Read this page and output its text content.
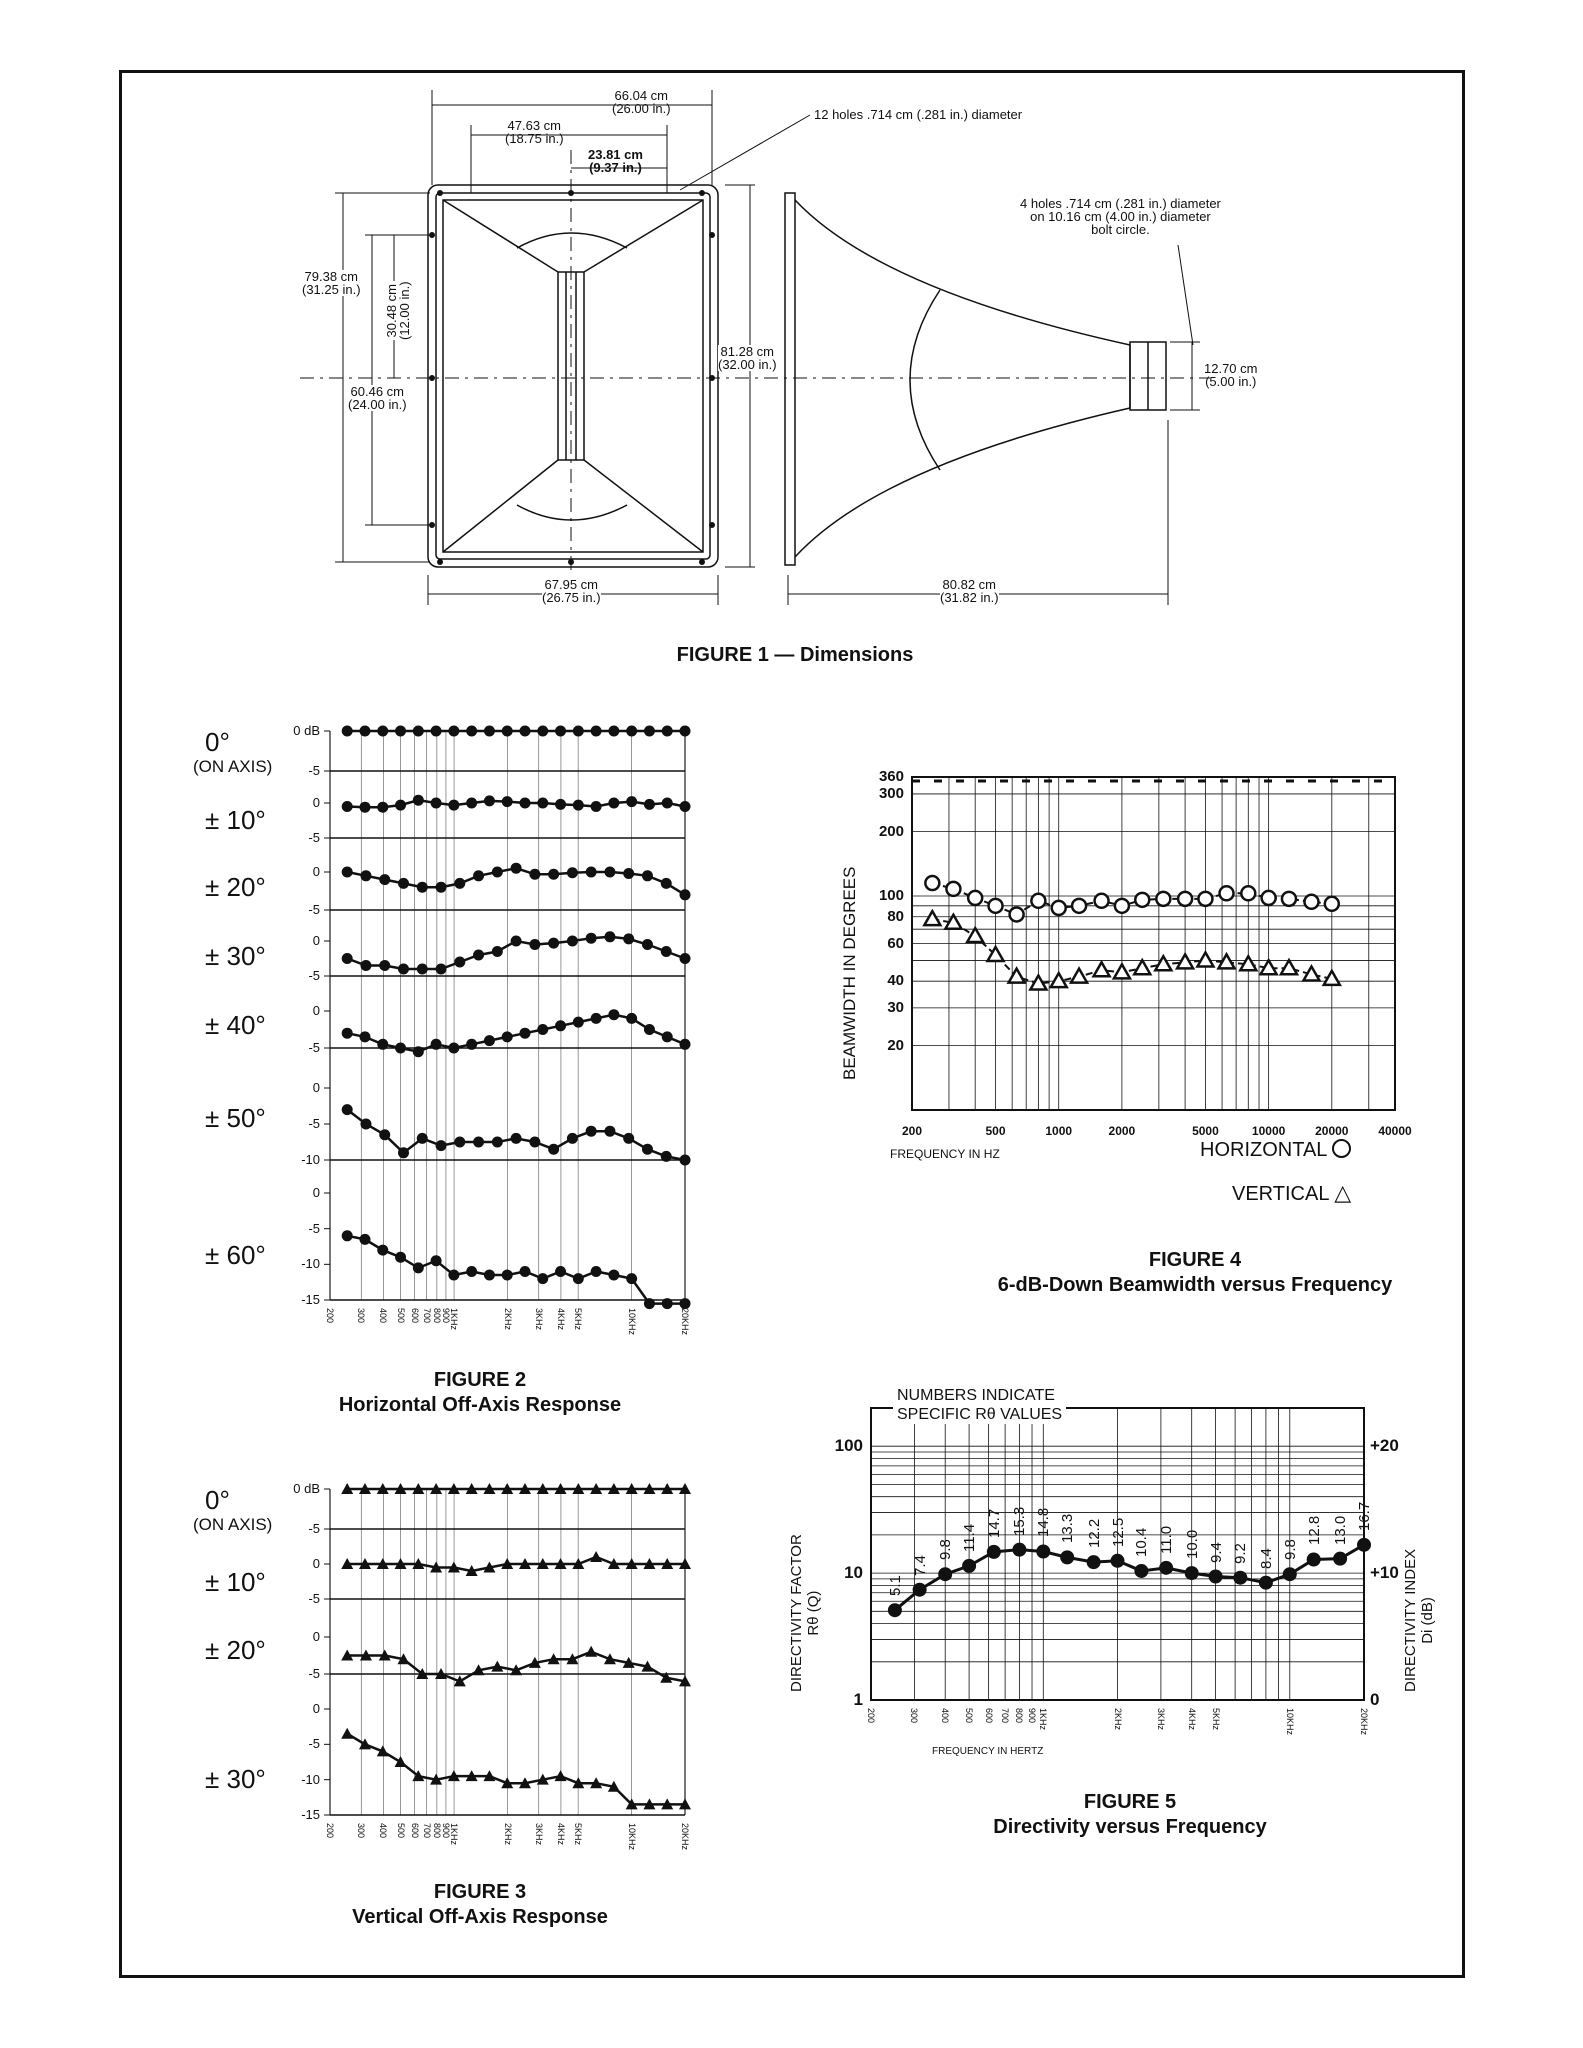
66.04 cm
(26.00 in.)
47.63 cm
(18.75 in.)
23.81 cm
(9.37 in.)
12 holes .714 cm (.281 in.) diameter
4 holes .714 cm (.281 in.) diameter
on 10.16 cm (4.00 in.) diameter
bolt circle.
79.38 cm
(31.25 in.) 30.48 cm
(12.00 in.)
60.46 cm
(24.00 in.)
81.28 cm
(32.00 in.)	12.70 cm
(5.00 in.)
67.95 cm
(26.75 in.)
80.82 cm
(31.82 in.)
FIGURE 1 — Dimensions
200 300 400 500 600 700 800 900
1KHz	2KHz 3KHz 4KHz 5KHz	10KHz	20KHz
0 dB
-5
0°
(ON AXIS)
0
-5
± 10°
0
-5
± 20°
0
-5
± 30°
0
-5
± 40°
0
-5
-10
± 50°
0
-5
-10
-15
± 60°
200 300 400 500 600 700 800 900
1KHz	2KHz 3KHz 4KHz 5KHz	10KHz	20KHz
0 dB
-5
0°
(ON AXIS)
0
-5
± 10°
0
-5
± 20°
0
-5
-10
-15
± 30°
FIGURE 2
Horizontal Off-Axis Response
FIGURE 3
Vertical Off-Axis Response
360
300
200
100
80
60
40
30
20
200	500	1000	2000	5000	10000 20000 40000
BEAMWIDTH IN DEGREES
FREQUENCY IN HZ	HORIZONTAL
VERTICAL △
FIGURE 4
6-dB-Down Beamwidth versus Frequency
100
10
1
+20
+10
0
200	300 400 500 600 700 800 900 1KHz	2KHz	3KHz 4KHz 5KHz	10KHz	20KHz
5.1
7.4
9.8 11.4 14.7 15.3 14.8 13.3 12.2 12.5 10.4 11.0 10.0 9.4 9.2 8.4 9.8
12.8 13.0 16.7
NUMBERS INDICATE
SPECIFIC Rθ VALUES
DIRECTIVITY FACTOR Rθ (Q)	DIRECTIVITY INDEX Di (dB)
FREQUENCY IN HERTZ
FIGURE 5
Directivity versus Frequency
